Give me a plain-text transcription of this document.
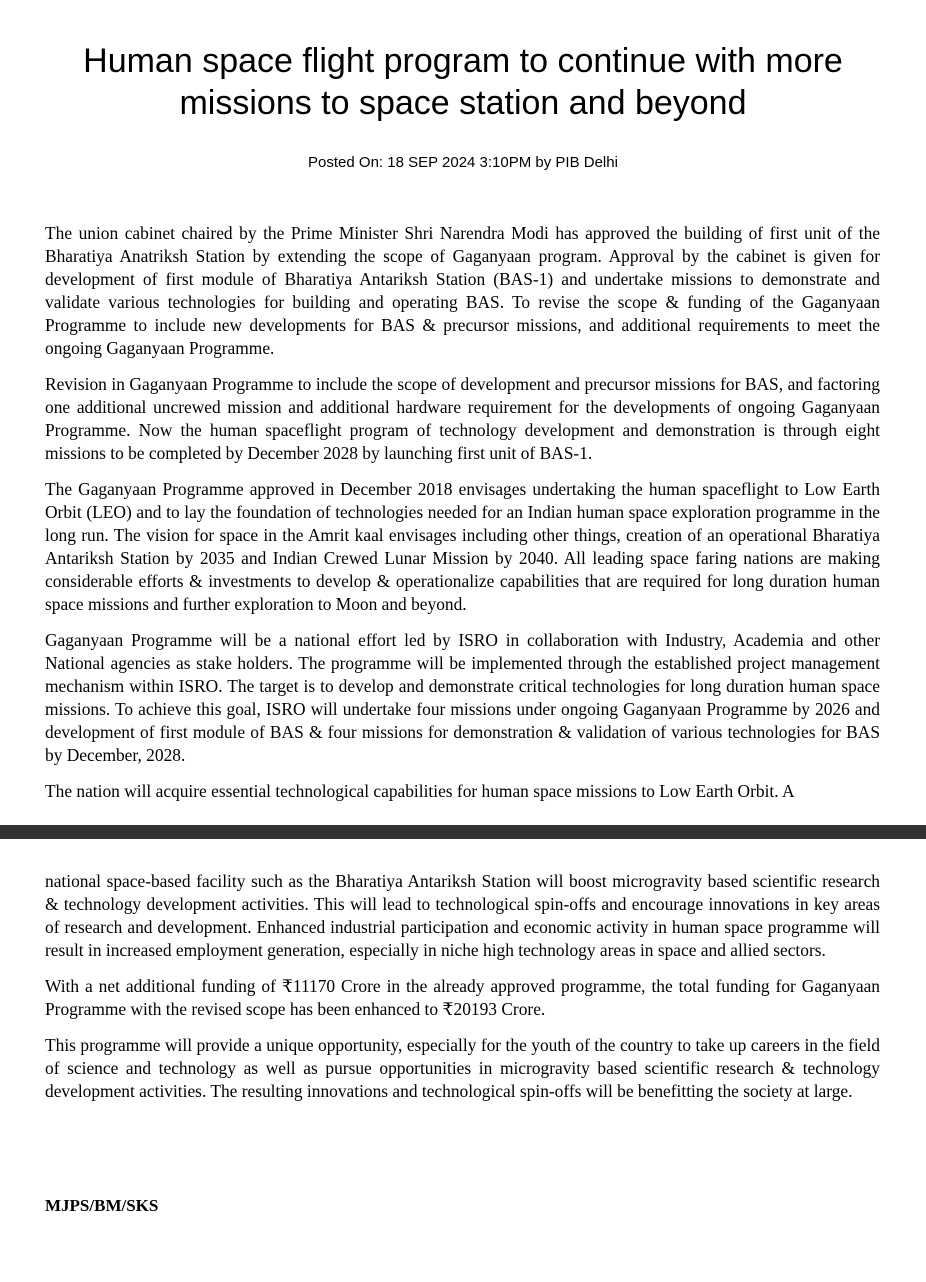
Human space flight program to continue with more missions to space station and beyond
Posted On: 18 SEP 2024 3:10PM by PIB Delhi

The union cabinet chaired by the Prime Minister Shri Narendra Modi has approved the building of first unit of the Bharatiya Anatriksh Station by extending the scope of Gaganyaan program. Approval by the cabinet is given for development of first module of Bharatiya Antariksh Station (BAS-1) and undertake missions to demonstrate and validate various technologies for building and operating BAS. To revise the scope & funding of the Gaganyaan Programme to include new developments for BAS & precursor missions, and additional requirements to meet the ongoing Gaganyaan Programme.

Revision in Gaganyaan Programme to include the scope of development and precursor missions for BAS, and factoring one additional uncrewed mission and additional hardware requirement for the developments of ongoing Gaganyaan Programme. Now the human spaceflight program of technology development and demonstration is through eight missions to be completed by December 2028 by launching first unit of BAS-1.

The Gaganyaan Programme approved in December 2018 envisages undertaking the human spaceflight to Low Earth Orbit (LEO) and to lay the foundation of technologies needed for an Indian human space exploration programme in the long run. The vision for space in the Amrit kaal envisages including other things, creation of an operational Bharatiya Antariksh Station by 2035 and Indian Crewed Lunar Mission by 2040. All leading space faring nations are making considerable efforts & investments to develop & operationalize capabilities that are required for long duration human space missions and further exploration to Moon and beyond.

Gaganyaan Programme will be a national effort led by ISRO in collaboration with Industry, Academia and other National agencies as stake holders. The programme will be implemented through the established project management mechanism within ISRO. The target is to develop and demonstrate critical technologies for long duration human space missions. To achieve this goal, ISRO will undertake four missions under ongoing Gaganyaan Programme by 2026 and development of first module of BAS & four missions for demonstration & validation of various technologies for BAS by December, 2028.

The nation will acquire essential technological capabilities for human space missions to Low Earth Orbit. A

national space-based facility such as the Bharatiya Antariksh Station will boost microgravity based scientific research & technology development activities. This will lead to technological spin-offs and encourage innovations in key areas of research and development. Enhanced industrial participation and economic activity in human space programme will result in increased employment generation, especially in niche high technology areas in space and allied sectors.

With a net additional funding of ₹11170 Crore in the already approved programme, the total funding for Gaganyaan Programme with the revised scope has been enhanced to ₹20193 Crore.

This programme will provide a unique opportunity, especially for the youth of the country to take up careers in the field of science and technology as well as pursue opportunities in microgravity based scientific research & technology development activities. The resulting innovations and technological spin-offs will be benefitting the society at large.

MJPS/BM/SKS
